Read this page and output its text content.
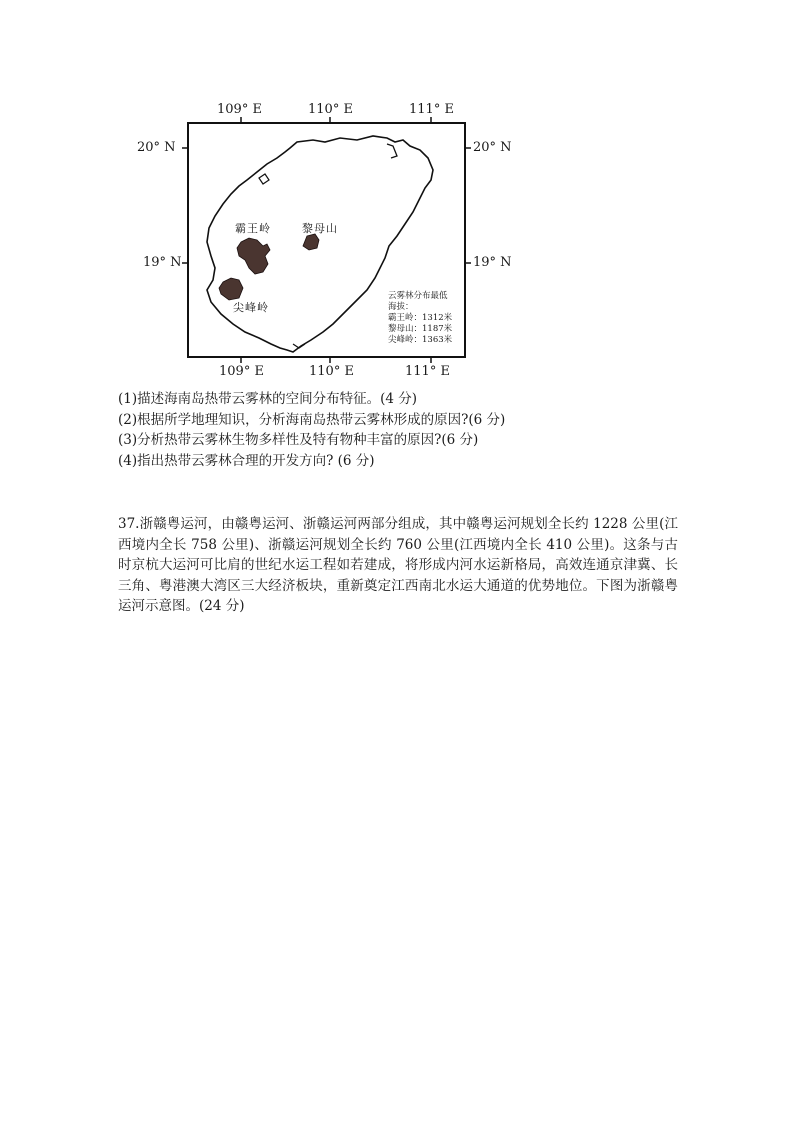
109° E	110° E	111° E
109° E	110° E	111° E
20° N	20° N
19° N	19° N
霸王岭	黎母山
尖峰岭
云雾林分布最低
海拔：
霸王岭：1312米
黎母山：1187米
尖峰岭：1363米
(1)描述海南岛热带云雾林的空间分布特征。(4 分)
(2)根据所学地理知识，分析海南岛热带云雾林形成的原因?(6 分)
(3)分析热带云雾林生物多样性及特有物种丰富的原因?(6 分)
(4)指出热带云雾林合理的开发方向? (6 分)
37.浙赣粤运河，由赣粤运河、浙赣运河两部分组成，其中赣粤运河规划全长约 1228 公里(江西境内全长 758 公里)、浙赣运河规划全长约 760 公里(江西境内全长 410 公里)。这条与古时京杭大运河可比肩的世纪水运工程如若建成，将形成内河水运新格局，高效连通京津冀、长三角、粤港澳大湾区三大经济板块，重新奠定江西南北水运大通道的优势地位。下图为浙赣粤运河示意图。(24 分)
